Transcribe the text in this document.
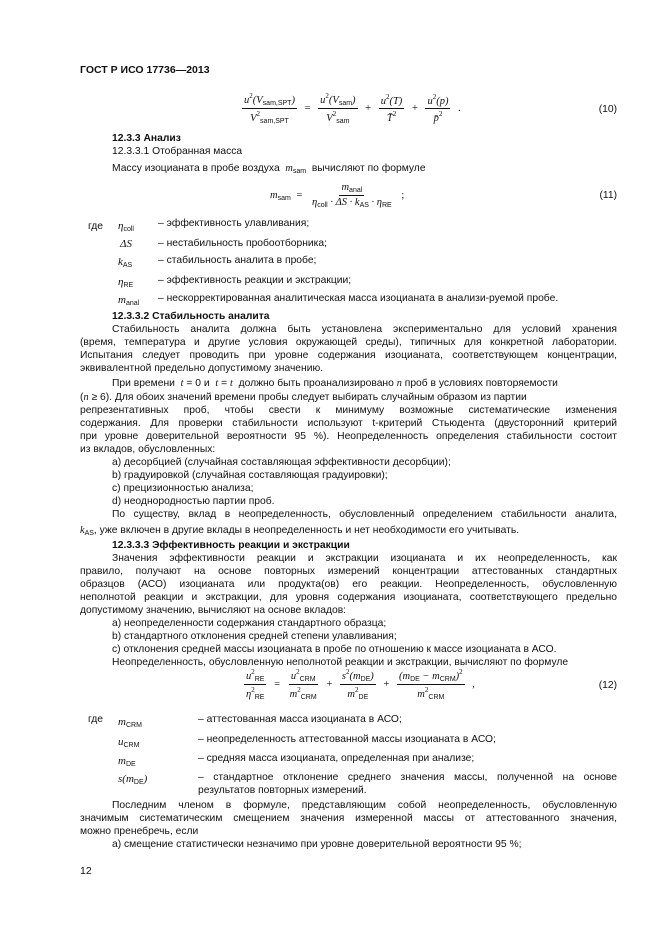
ГОСТ Р ИСО 17736—2013
$\frac{u^2(V_{sam,SPT})}{V^2_{sam,SPT}} = \frac{u^2(V_{sam})}{V^2_{sam}} + \frac{u^2(T)}{T̄^2} + \frac{u^2(p)}{p̄^2}$ .	(10)
12.3.3 Анализ
12.3.3.1 Отобранная масса
Массу изоцианата в пробе воздуха $m_{sam}$ вычисляют по формуле
$m_{sam} = \frac{m_{anal}}{\eta_{coll} \cdot \Delta S \cdot k_{AS} \cdot \eta_{RE}}$ ;	(11)
где $\eta_{coll}$
– эффективность улавливания;
ΔS	– нестабильность пробоотборника;
$k_{AS}$	– стабильность аналита в пробе;
$\eta_{RE}$ – эффективность реакции и экстракции;
$m_{anal}$ – нескорректированная аналитическая масса изоцианата в анализи-руемой пробе.
12.3.3.2 Стабильность аналита
Стабильность аналита должна быть установлена экспериментально для условий хранения
(время, температура и другие условия окружающей среды), типичных для конкретной лаборатории.
Испытания следует проводить при уровне содержания изоцианата, соответствующем концентрации,
эквивалентной предельно допустимому значению.
При времени t = 0 и  t = t должно быть проанализировано n проб в условиях повторяемости
(n ≥ 6). Для обоих значений времени пробы следует выбирать случайным образом из партии
репрезентативных проб, чтобы свести к минимуму возможные систематические изменения
содержания. Для проверки стабильности используют t-критерий Стьюдента (двусторонний критерий
при уровне доверительной вероятности 95 %). Неопределенность определения стабильности состоит
из вкладов, обусловленных:
a) десорбцией (случайная составляющая эффективности десорбции);
b) градуировкой (случайная составляющая градуировки);
c) прецизионностью анализа;
d) неоднородностью партии проб.
По существу, вклад в неопределенность, обусловленный определением стабильности аналита,
$k_{AS}$, уже включен в другие вклады в неопределенность и нет необходимости его учитывать.
12.3.3.3 Эффективность реакции и экстракции
Значения эффективности реакции и экстракции изоцианата и их неопределенность, как
правило, получают на основе повторных измерений концентрации аттестованных стандартных
образцов (АСО) изоцианата или продукта(ов) его реакции. Неопределенность, обусловленную
неполнотой реакции и экстракции, для уровня содержания изоцианата, соответствующего предельно
допустимому значению, вычисляют на основе вкладов:
a) неопределенности содержания стандартного образца;
b) стандартного отклонения средней степени улавливания;
c) отклонения средней массы изоцианата в пробе по отношению к массе изоцианата в АСО.
Неопределенность, обусловленную неполнотой реакции и экстракции, вычисляют по формуле
$\frac{u^2_{RE}}{\eta^2_{RE}} = \frac{u^2_{CRM}}{m^2_{CRM}} + \frac{s^2(m_{DE})}{m^2_{DE}} + \frac{(m_{DE} - m_{CRM})^2}{m^2_{CRM}}$ ,	(12)
где $m_{CRM}$
– аттестованная масса изоцианата в АСО;
$u_{CRM}$
– неопределенность аттестованной массы изоцианата в АСО;
$m_{DE}$
– средняя масса изоцианата, определенная при анализе;
$s(m_{DE})$	– стандартное отклонение среднего значения массы, полученной на основе
результатов повторных измерений.
Последним членом в формуле, представляющим собой неопределенность, обусловленную
значимым систематическим смещением значения измеренной массы от аттестованного значения,
можно пренебречь, если
а) смещение статистически незначимо при уровне доверительной вероятности 95 %;
12
